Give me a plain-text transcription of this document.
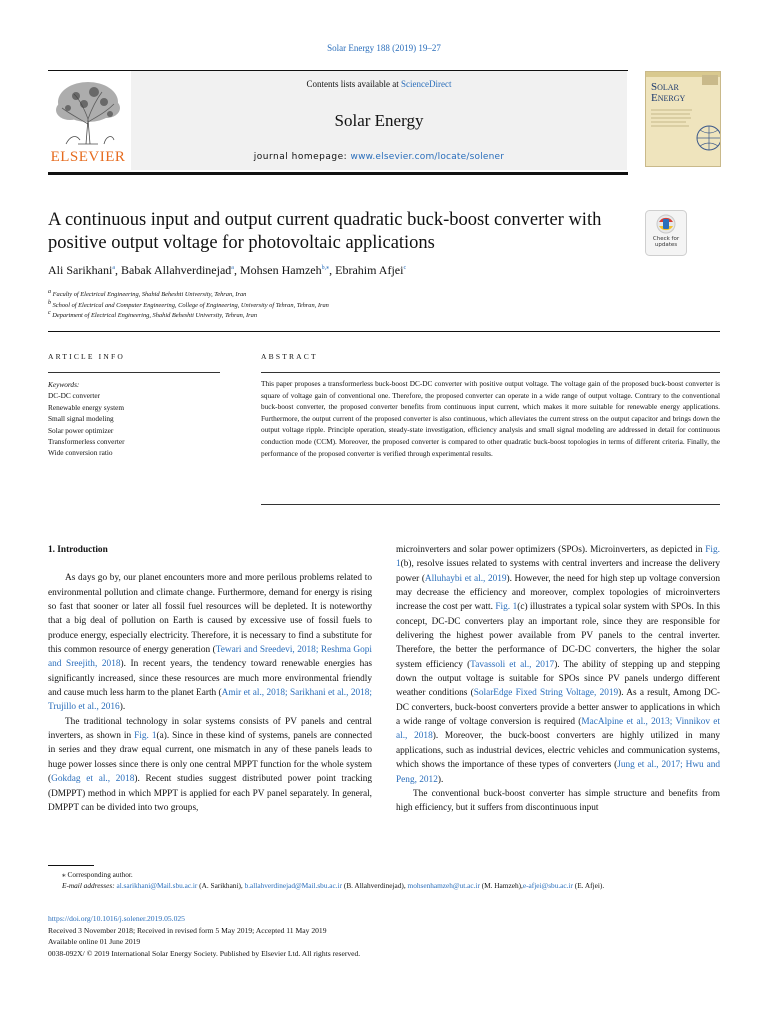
Solar Energy 188 (2019) 19–27
ELSEVIER
Contents lists available at ScienceDirect
Solar Energy
journal homepage: www.elsevier.com/locate/solener
Solar
Energy
A continuous input and output current quadratic buck-boost converter with positive output voltage for photovoltaic applications	Check for updates
Ali Sarikhani$^a$, Babak Allahverdinejad$^a$, Mohsen Hamzeh$^{b,⁎}$, Ebrahim Afjei$^c$
a Faculty of Electrical Engineering, Shahid Beheshti University, Tehran, Iran
b School of Electrical and Computer Engineering, College of Engineering, University of Tehran, Tehran, Iran
c Department of Electrical Engineering, Shahid Beheshti University, Tehran, Iran
ARTICLE INFO	ABSTRACT
Keywords:
DC-DC converter
Renewable energy system
Small signal modeling
Solar power optimizer
Transformerless converter
Wide conversion ratio
This paper proposes a transformerless buck-boost DC-DC converter with positive output voltage. The voltage gain of the proposed buck-boost converter is square of voltage gain of conventional one. Therefore, the proposed converter can operate in a wide range of output voltage. Contrary to the conventional buck-boost converter, the proposed converter benefits from continuous input current, which makes it more suitable for renewable energy applications. Furthermore, the output current of the proposed converter is also continuous, which alleviates the current stress on the output capacitor and brings down the output voltage ripple. Principle operation, steady-state investigation, efficiency analysis and small signal modeling are addressed in detail for continuous conduction mode (CCM). Moreover, the proposed converter is compared to other quadratic buck-boost topologies in terms of different criteria. Finally, the performance of the proposed converter is verified through experimental results.
1. Introduction

As days go by, our planet encounters more and more perilous problems related to environmental pollution and climate change. Furthermore, demand for energy is rising so fast that sooner or later all fossil fuel resources will be depleted. It is noteworthy that a big deal of pollution on Earth is caused by excessive use of fossil fuels to produce energy, especially electricity. Therefore, it is necessary to find a substitute for this common resource of energy generation (Tewari and Sreedevi, 2018; Reshma Gopi and Sreejith, 2018). In recent years, the tendency toward renewable energies has significantly increased, since these resources are much more environmental friendly and cause much less harm to the planet Earth (Amir et al., 2018; Sarikhani et al., 2018; Trujillo et al., 2016).

The traditional technology in solar systems consists of PV panels and central inverters, as shown in Fig. 1(a). Since in these kind of systems, panels are connected in series and they draw equal current, one mismatch in any of these panels leads to huge power losses since there is only one central MPPT function for the whole system (Gokdag et al., 2018). Recent studies suggest distributed power point tracking (DMPPT) method in which MPPT is applied for each PV panel separately. In general, DMPPT can be divided into two groups,

microinverters and solar power optimizers (SPOs). Microinverters, as depicted in Fig. 1(b), resolve issues related to systems with central inverters and increase the delivery power (Alluhaybi et al., 2019). However, the need for high step up voltage conversion may decrease the efficiency and moreover, complex topologies of microinverters increase the cost per watt. Fig. 1(c) illustrates a typical solar system with SPOs. In this concept, DC-DC converters play an important role, since they are responsible for delivering the highest power available from PV panels to the central inverter. Therefore, the better the performance of DC-DC converters, the higher the solar system efficiency (Tavassoli et al., 2017). The ability of stepping up and stepping down the output voltage is suitable for SPOs since PV panels undergo different weather conditions (SolarEdge Fixed String Voltage, 2019). As a result, Among DC-DC converters, buck-boost converters provide a better answer to applications in which a wide range of voltage conversion is required (MacAlpine et al., 2013; Vinnikov et al., 2018). Moreover, the buck-boost converters are highly utilized in many applications, such as industrial devices, electric vehicles and communication systems, which shows the importance of these types of converters (Jung et al., 2017; Hwu and Peng, 2012).

The conventional buck-boost converter has simple structure and benefits from high efficiency, but it suffers from discontinuous input

⁎ Corresponding author.
E-mail addresses: al.sarikhani@Mail.sbu.ac.ir (A. Sarikhani), b.allahverdinejad@Mail.sbu.ac.ir (B. Allahverdinejad), mohsenhamzeh@ut.ac.ir (M. Hamzeh),e-afjei@sbu.ac.ir (E. Afjei).
https://doi.org/10.1016/j.solener.2019.05.025
Received 3 November 2018; Received in revised form 5 May 2019; Accepted 11 May 2019
Available online 01 June 2019
0038-092X/ © 2019 International Solar Energy Society. Published by Elsevier Ltd. All rights reserved.
